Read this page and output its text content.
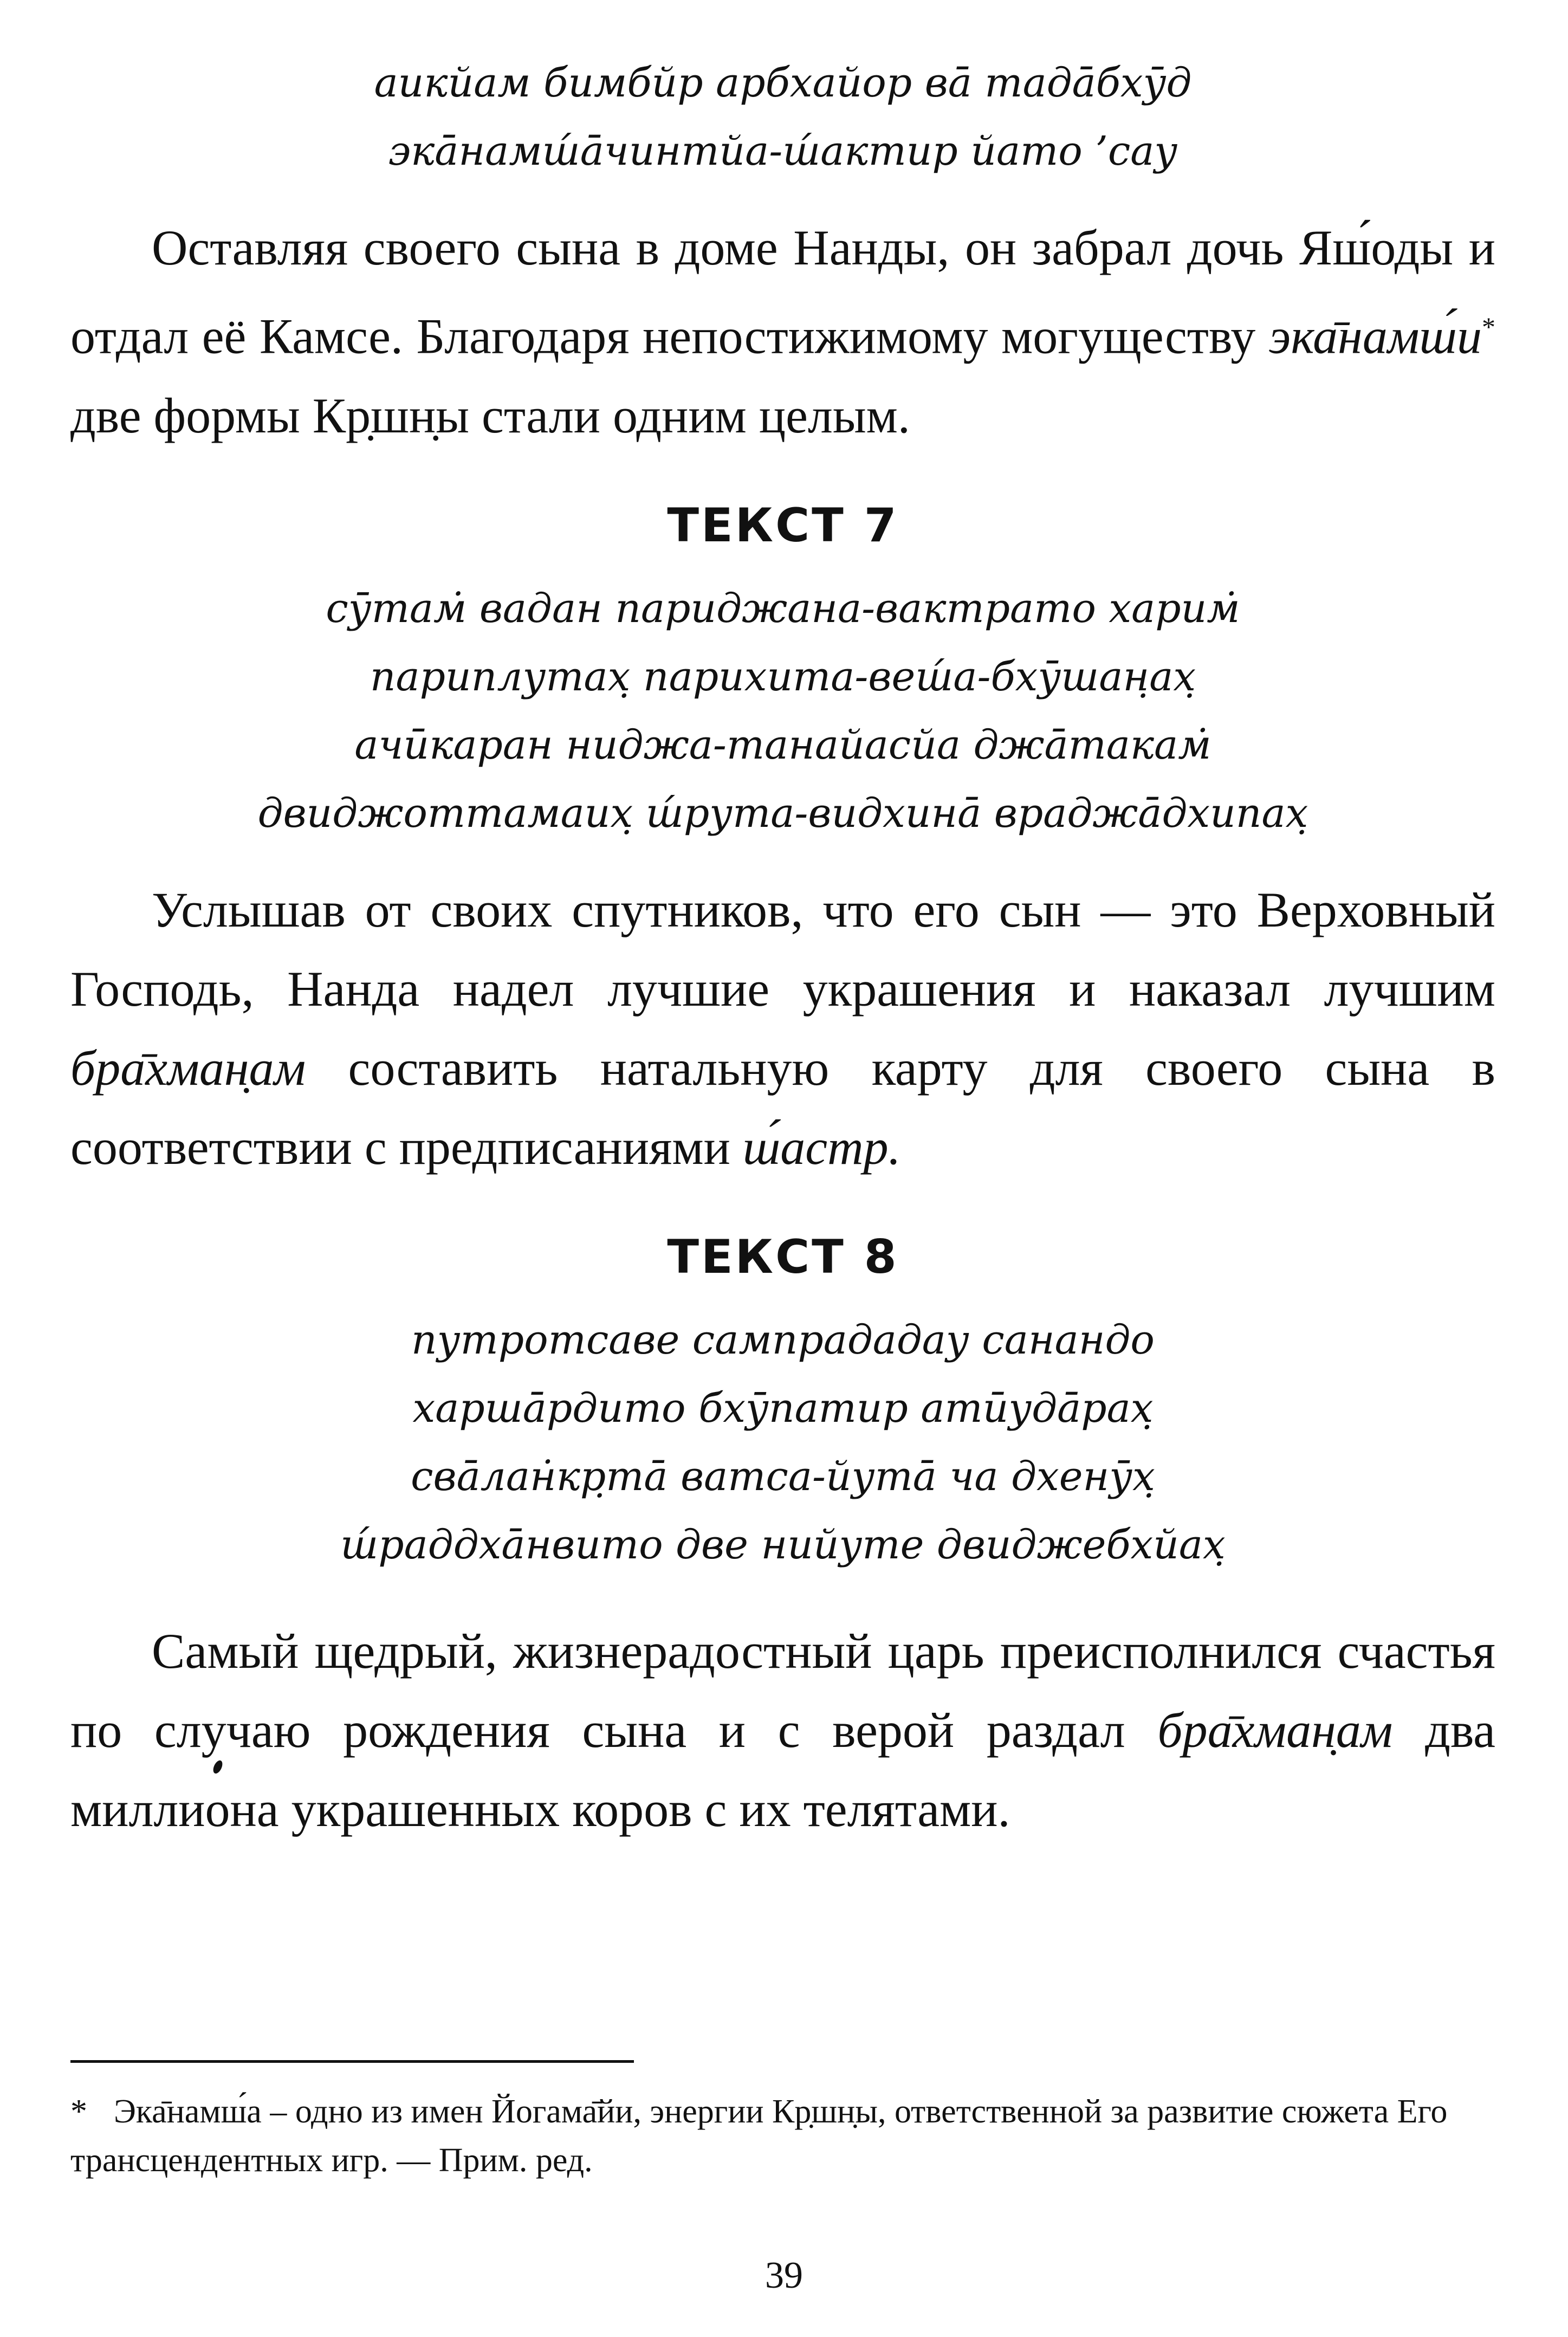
аикйам бимбйр арбхайор ва̄ тада̄бхӯд
эка̄намш́а̄чинтйа-ш́актир йато ’сау

Оставляя своего сына в доме Нанды, он забрал дочь Яш́оды и отдал её Камсе. Благодаря непостижимому могуществу эка̄намш́и* две формы Кр̣шн̣ы стали одним целым.

ТЕКСТ 7
сӯтам̇ вадан париджана-вактрато харим̇
париплутах̣ парихита-веш́а-бхӯшан̣ах̣
ачӣкаран ниджа-танайасйа джа̄такам̇
двиджоттамаих̣ ш́рута-видхина̄ враджа̄дхипах̣

Услышав от своих спутников, что его сын — это Верховный Господь, Нанда надел лучшие украшения и наказал лучшим бра̄хман̣ам составить натальную карту для своего сына в соответствии с предписаниями ш́астр.

ТЕКСТ 8
путротсаве сампрададау санандо
харша̄рдито бхӯпатир атӣуда̄рах̣
сва̄лан̇кр̣та̄ ватса-йута̄ ча дхенӯх̣
ш́раддха̄нвито две нийуте двиджебхйах̣

Самый щедрый, жизнерадостный царь преисполнился счастья по случаю рождения сына и с верой раздал бра̄хман̣ам два миллиона украшенных коров с их телятами.

* Эка̄намш́а – одно из имен Йогама̄йи, энергии Кр̣шн̣ы, ответственной за развитие сюжета Его трансцендентных игр. — Прим. ред.

39
